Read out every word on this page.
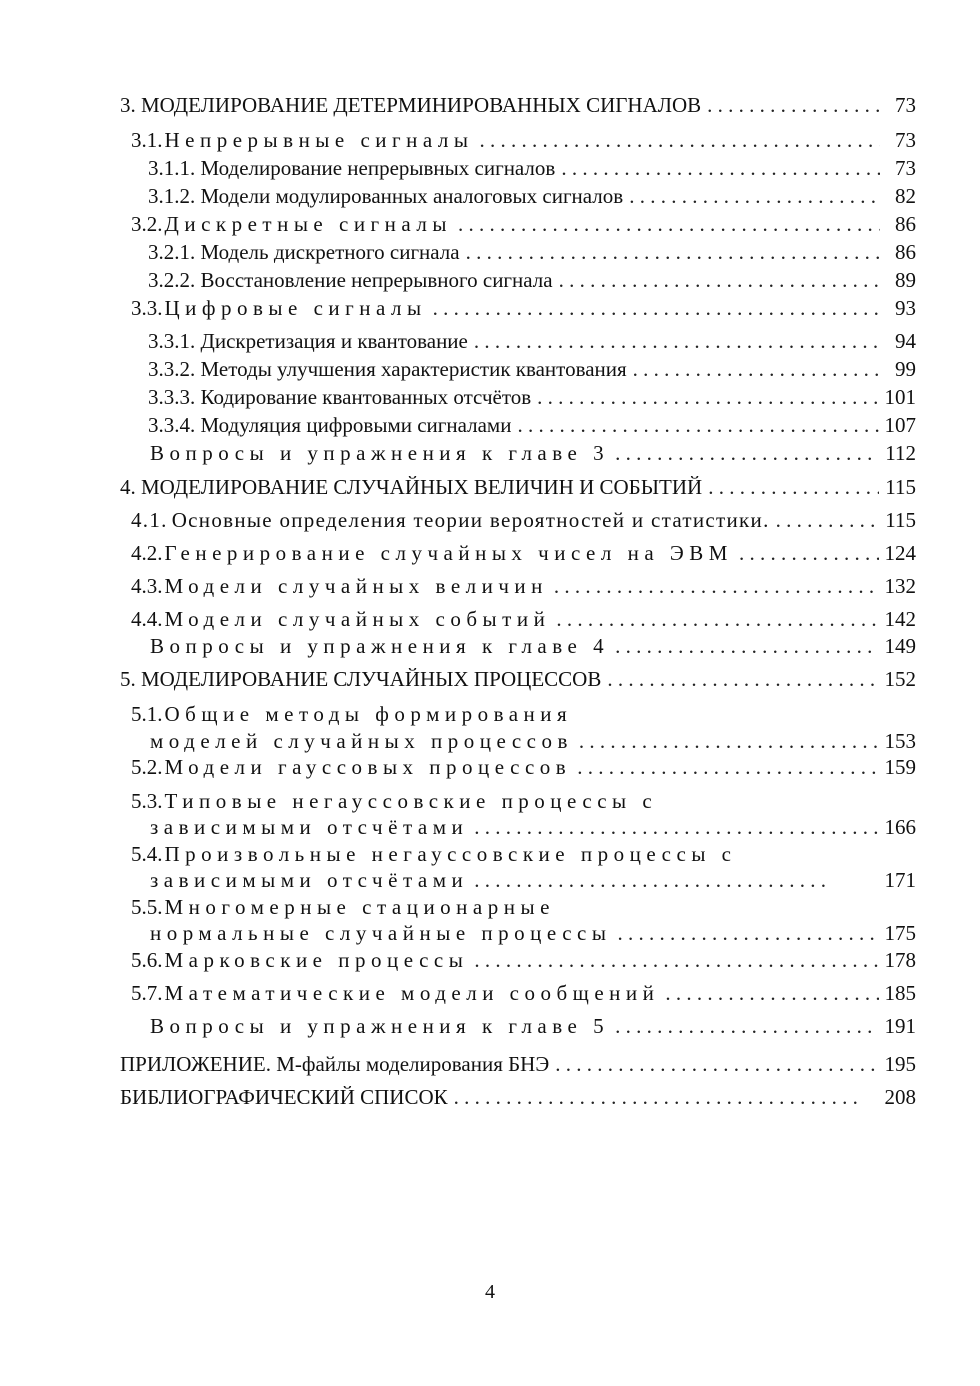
3. МОДЕЛИРОВАНИЕ ДЕТЕРМИНИРОВАННЫХ СИГНАЛОВ . . .	73
3.1.Непрерывные сигналы . . .	73
3.1.1. Моделирование непрерывных сигналов . . .	73
3.1.2. Модели модулированных аналоговых сигналов . . .	82
3.2.Дискретные сигналы . . .	86
3.2.1. Модель дискретного сигнала . . .	86
3.2.2. Восстановление непрерывного сигнала . . .	89
3.3.Цифровые сигналы . . .	93
3.3.1. Дискретизация и квантование . . .	94
3.3.2. Методы улучшения характеристик квантования . . .	99
3.3.3. Кодирование квантованных отсчётов . . .	101
3.3.4. Модуляция цифровыми сигналами . . .	107
Вопросы и упражнения к главе 3 . . .	112
4. МОДЕЛИРОВАНИЕ СЛУЧАЙНЫХ ВЕЛИЧИН И СОБЫТИЙ . . .	115
4.1. Основные определения теории вероятностей и статистики. . . .	115
4.2.Генерирование случайных чисел на ЭВМ . . .	124
4.3.Модели случайных величин . . .	132
4.4.Модели случайных событий . . .	142
Вопросы и упражнения к главе 4 . . .	149
5. МОДЕЛИРОВАНИЕ СЛУЧАЙНЫХ ПРОЦЕССОВ . . .	152
5.1.Общие методы формирования
моделей случайных процессов . . .	153
5.2.Модели гауссовых процессов . . .	159
5.3.Типовые негауссовские процессы с
зависимыми отсчётами . . .	166
5.4.Произвольные негауссовские процессы с
зависимыми отсчётами . . .	171
5.5.Многомерные стационарные
нормальные случайные процессы . . .	175
5.6.Марковские процессы . . .	178
5.7.Математические модели сообщений . . .	185
Вопросы и упражнения к главе 5 . . .	191
ПРИЛОЖЕНИЕ. М-файлы моделирования БНЭ . . .	195
БИБЛИОГРАФИЧЕСКИЙ СПИСОК . . .	208
4
